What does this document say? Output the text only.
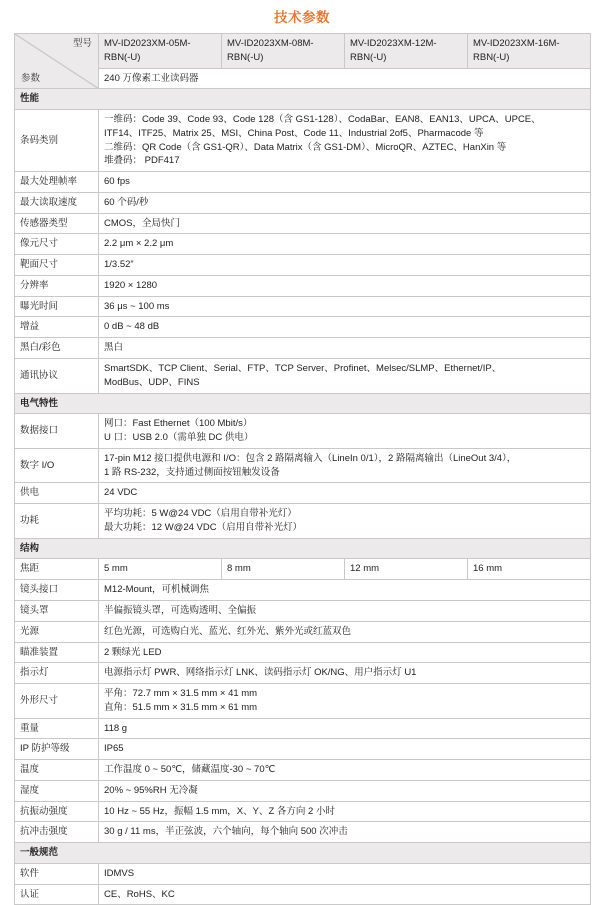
技术参数
型号
参数	MV-ID2023XM-05M-RBN(-U)	MV-ID2023XM-08M-RBN(-U)	MV-ID2023XM-12M-RBN(-U)	MV-ID2023XM-16M-RBN(-U)
	240 万像素工业读码器			
性能				
条码类别	一维码：Code 39、Code 93、Code 128（含 GS1-128）、CodaBar、EAN8、EAN13、UPCA、UPCE、
ITF14、ITF25、Matrix 25、MSI、China Post、Code 11、Industrial 2of5、Pharmacode 等
二维码：QR Code（含 GS1-QR）、Data Matrix（含 GS1-DM）、MicroQR、AZTEC、HanXin 等
堆叠码： PDF417			

最大处理帧率	60 fps			

最大读取速度	60 个码/秒			

传感器类型	CMOS，全局快门			

像元尺寸	2.2 μm × 2.2 μm			

靶面尺寸	1/3.52”			

分辨率	1920 × 1280			

曝光时间	36 μs ~ 100 ms			

增益	0 dB ~ 48 dB			

黑白/彩色	黑白			

通讯协议	SmartSDK、TCP Client、Serial、FTP、TCP Server、Profinet、Melsec/SLMP、Ethernet/IP、
ModBus、UDP、FINS			

电气特性				
数据接口	网口：Fast Ethernet（100 Mbit/s）
U 口：USB 2.0（需单独 DC 供电）			

数字 I/O	17-pin M12 接口提供电源和 I/O：包含 2 路隔离输入（LineIn 0/1），2 路隔离输出（LineOut 3/4），
1 路 RS-232，支持通过侧面按钮触发设备			

供电	24 VDC			

功耗	平均功耗：5 W@24 VDC（启用自带补光灯）
最大功耗：12 W@24 VDC（启用自带补光灯）			

结构				
焦距	5 mm	8 mm	12 mm	16 mm
镜头接口	M12-Mount，可机械调焦			

镜头罩	半偏振镜头罩，可选购透明、全偏振			

光源	红色光源，可选购白光、蓝光、红外光、紫外光或红蓝双色			

瞄准装置	2 颗绿光 LED			

指示灯	电源指示灯 PWR、网络指示灯 LNK、读码指示灯 OK/NG、用户指示灯 U1			

外形尺寸	平角：72.7 mm × 31.5 mm × 41 mm
直角：51.5 mm × 31.5 mm × 61 mm			

重量	118 g			

IP 防护等级	IP65			

温度	工作温度 0 ~ 50℃，储藏温度-30 ~ 70℃			

湿度	20% ~ 95%RH 无冷凝			

抗振动强度	10 Hz ~ 55 Hz，振幅 1.5 mm，X、Y、Z 各方向 2 小时			

抗冲击强度	30 g / 11 ms，半正弦波，六个轴向，每个轴向 500 次冲击			

一般规范				
软件	IDMVS			

认证	CE、RoHS、KC			
